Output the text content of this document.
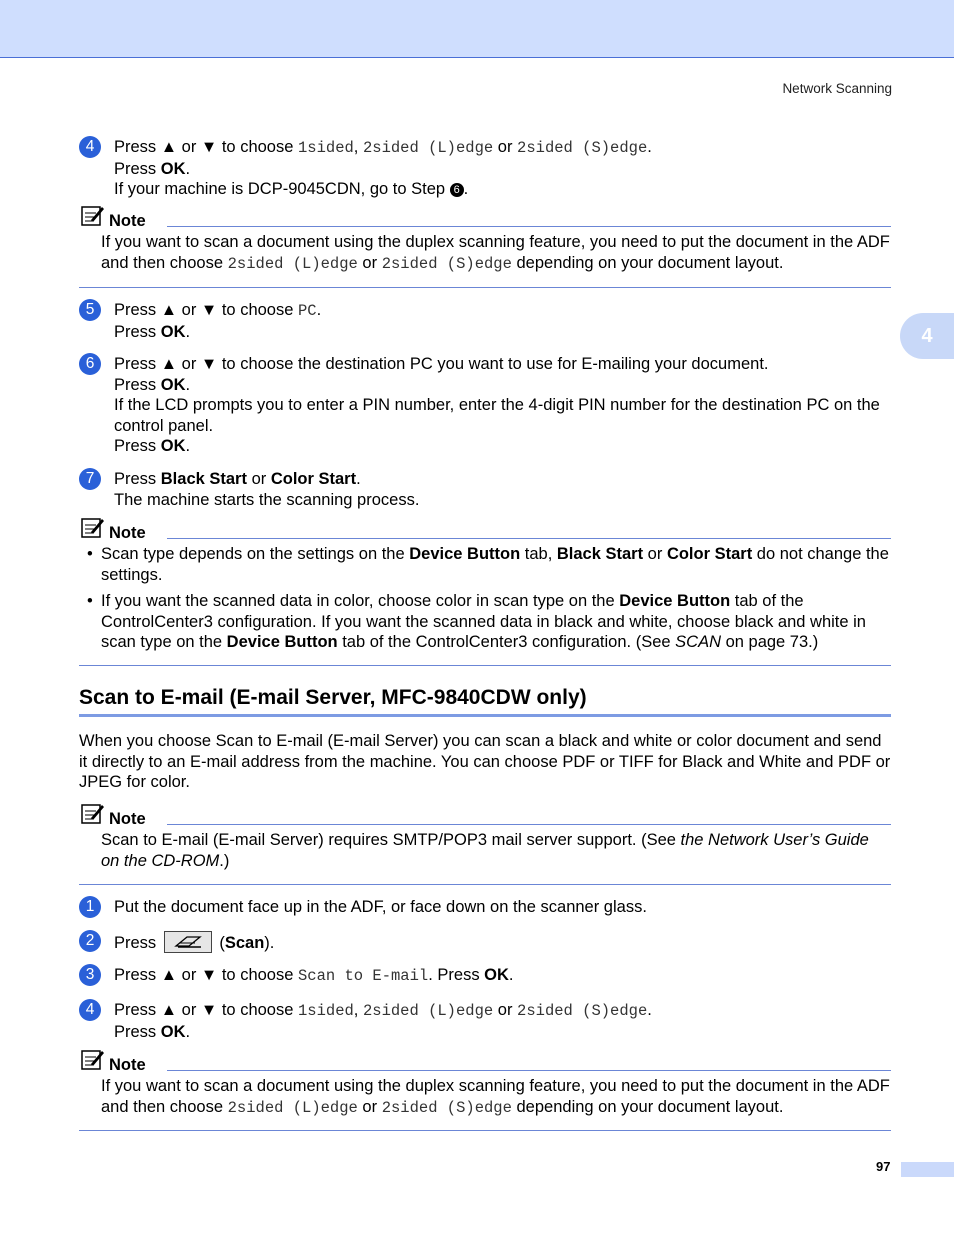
Network Scanning
4
4	Press ▲ or ▼ to choose 1sided, 2sided (L)edge or 2sided (S)edge.
Press OK.
If your machine is DCP-9045CDN, go to Step 6 .
Note
If you want to scan a document using the duplex scanning feature, you need to put the document in the ADF and then choose 2sided (L)edge or 2sided (S)edge depending on your document layout.
5	Press ▲ or ▼ to choose PC.
Press OK.
6	Press ▲ or ▼ to choose the destination PC you want to use for E-mailing your document.
Press OK.
If the LCD prompts you to enter a PIN number, enter the 4-digit PIN number for the destination PC on the control panel.
Press OK.
7	Press Black Start or Color Start.
The machine starts the scanning process.
Note
• Scan type depends on the settings on the Device Button tab, Black Start or Color Start do not change the settings.
• If you want the scanned data in color, choose color in scan type on the Device Button tab of the ControlCenter3 configuration. If you want the scanned data in black and white, choose black and white in scan type on the Device Button tab of the ControlCenter3 configuration. (See SCAN on page 73.)
Scan to E-mail (E-mail Server, MFC-9840CDW only)
When you choose Scan to E-mail (E-mail Server) you can scan a black and white or color document and send it directly to an E-mail address from the machine. You can choose PDF or TIFF for Black and White and PDF or JPEG for color.
Note
Scan to E-mail (E-mail Server) requires SMTP/POP3 mail server support. (See the Network User’s Guide on the CD-ROM.)
1	Put the document face up in the ADF, or face down on the scanner glass.
2	Press	(Scan).
3	Press ▲ or ▼ to choose Scan to E-mail. Press OK.
4	Press ▲ or ▼ to choose 1sided, 2sided (L)edge or 2sided (S)edge.
Press OK.
Note
If you want to scan a document using the duplex scanning feature, you need to put the document in the ADF and then choose 2sided (L)edge or 2sided (S)edge depending on your document layout.
97
